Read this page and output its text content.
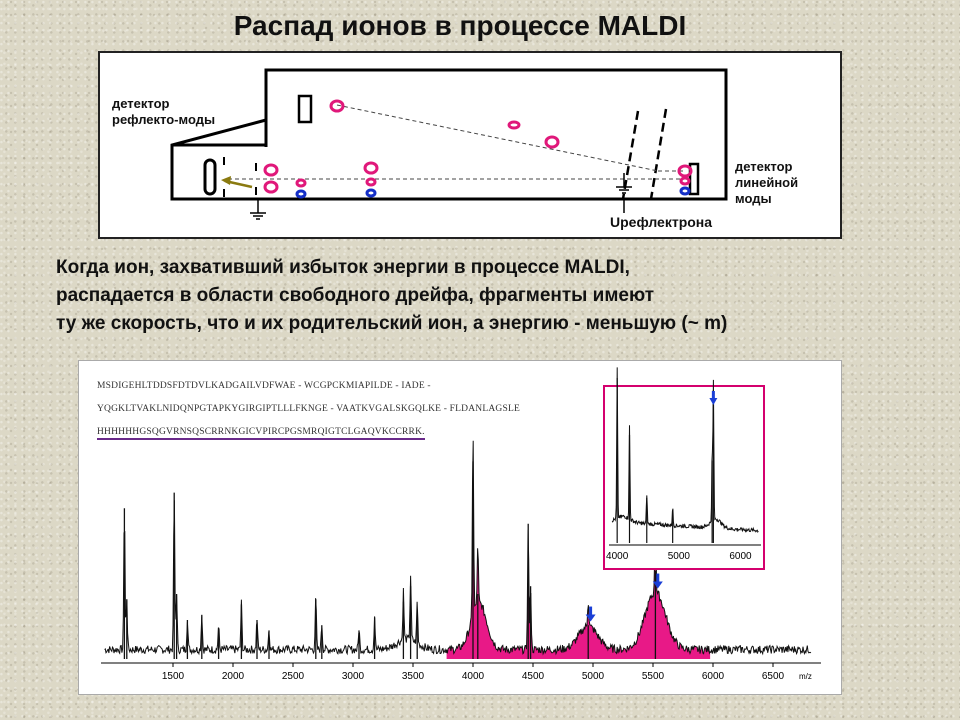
Распад ионов в процессе MALDI
детектор
рефлекто-моды
детектор
линейной
моды
Uрефлектрона
Когда ион, захвативший избыток энергии в процессе MALDI,
распадается в области свободного дрейфа, фрагменты имеют
ту же скорость, что и их родительский ион, а энергию - меньшую (~ m)
MSDIGEHLTDDSFDTDVLKADGAILVDFWAE - WCGPCKMIAPILDE - IADE -
YQGKLTVAKLNIDQNPGTAPKYGIRGIPTLLLFKNGE - VAATKVGALSKGQLKE - FLDANLAGSLE
HHHHHHGSQGVRNSQSCRRNKGICVPIRCPGSMRQIGTCLGAQVKCCRRK.
1500	2000	2500	3000	3500	4000	4500	5000	5500	6000	6500 m/z
4000	5000	6000
